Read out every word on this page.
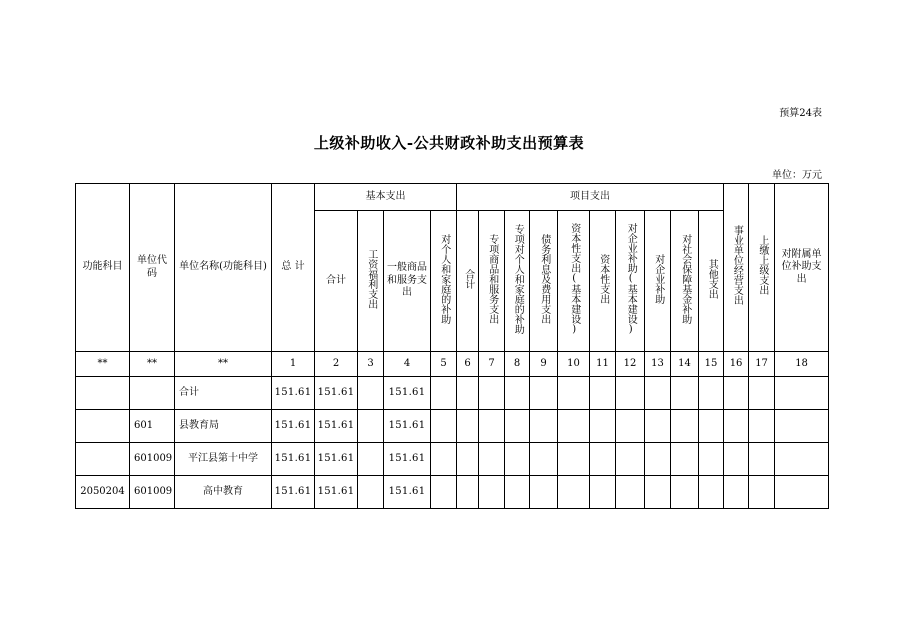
预算24表
上级补助收入-公共财政补助支出预算表
单位：万元
功能科目	单位代码	单位名称(功能科目)	总 计	基本支出				项目支出										事业单位经营支出	上缴上级支出	对附属单位补助支出
				合计	工资福利支出	一般商品和服务支出	对个人和家庭的补助	合计	专项商品和服务支出	专项对个人和家庭的补助	债务利息及费用支出	资本性支出(基本建设)	资本性支出	对企业补助(基本建设)	对企业补助	对社会保障基金补助	其他支出			
**	**	**	1	2	3	4	5	6	7	8	9	10	11	12	13	14	15	16	17	18
		合计	151.61	151.61		151.61														
	601	县教育局	151.61	151.61		151.61														
	601009	平江县第十中学	151.61	151.61		151.61														
2050204	601009	高中教育	151.61	151.61		151.61														
